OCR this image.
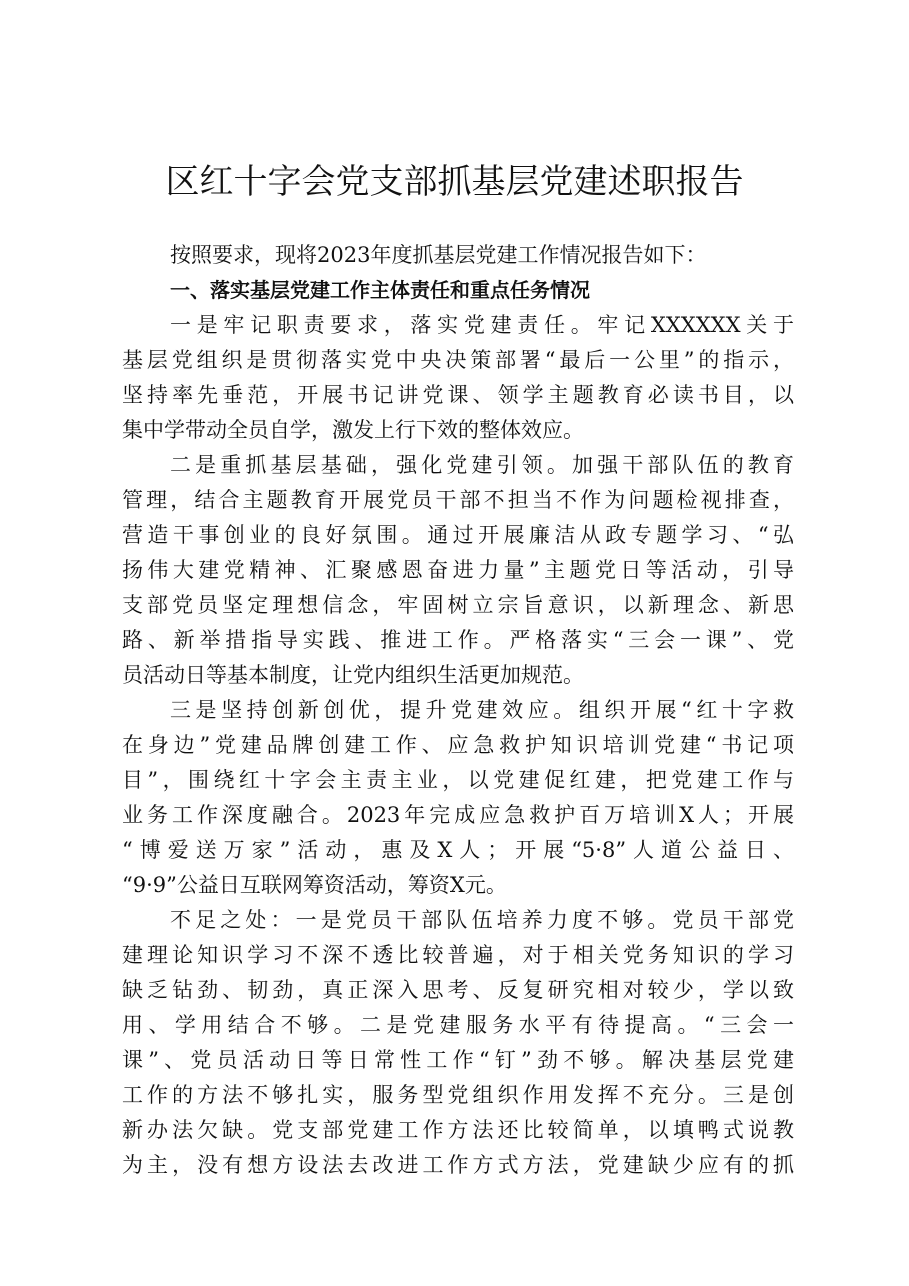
区红十字会党支部抓基层党建述职报告
按照要求，现将2023年度抓基层党建工作情况报告如下：
一、落实基层党建工作主体责任和重点任务情况
一是牢记职责要求，落实党建责任。牢记XXXXXX关于
基层党组织是贯彻落实党中央决策部署“最后一公里”的指示，
坚持率先垂范，开展书记讲党课、领学主题教育必读书目，以
集中学带动全员自学，激发上行下效的整体效应。
二是重抓基层基础，强化党建引领。加强干部队伍的教育
管理，结合主题教育开展党员干部不担当不作为问题检视排查，
营造干事创业的良好氛围。通过开展廉洁从政专题学习、“弘
扬伟大建党精神、汇聚感恩奋进力量”主题党日等活动，引导
支部党员坚定理想信念，牢固树立宗旨意识，以新理念、新思
路、新举措指导实践、推进工作。严格落实“三会一课”、党
员活动日等基本制度，让党内组织生活更加规范。
三是坚持创新创优，提升党建效应。组织开展“红十字救
在身边”党建品牌创建工作、应急救护知识培训党建“书记项
目”，围绕红十字会主责主业，以党建促红建，把党建工作与
业务工作深度融合。2023年完成应急救护百万培训X人；开展
“博爱送万家”活动，惠及X人；开展“5·8”人道公益日、
“9·9”公益日互联网筹资活动，筹资X元。
不足之处：一是党员干部队伍培养力度不够。党员干部党
建理论知识学习不深不透比较普遍，对于相关党务知识的学习
缺乏钻劲、韧劲，真正深入思考、反复研究相对较少，学以致
用、学用结合不够。二是党建服务水平有待提高。“三会一
课”、党员活动日等日常性工作“钉”劲不够。解决基层党建
工作的方法不够扎实，服务型党组织作用发挥不充分。三是创
新办法欠缺。党支部党建工作方法还比较简单，以填鸭式说教
为主，没有想方设法去改进工作方式方法，党建缺少应有的抓
